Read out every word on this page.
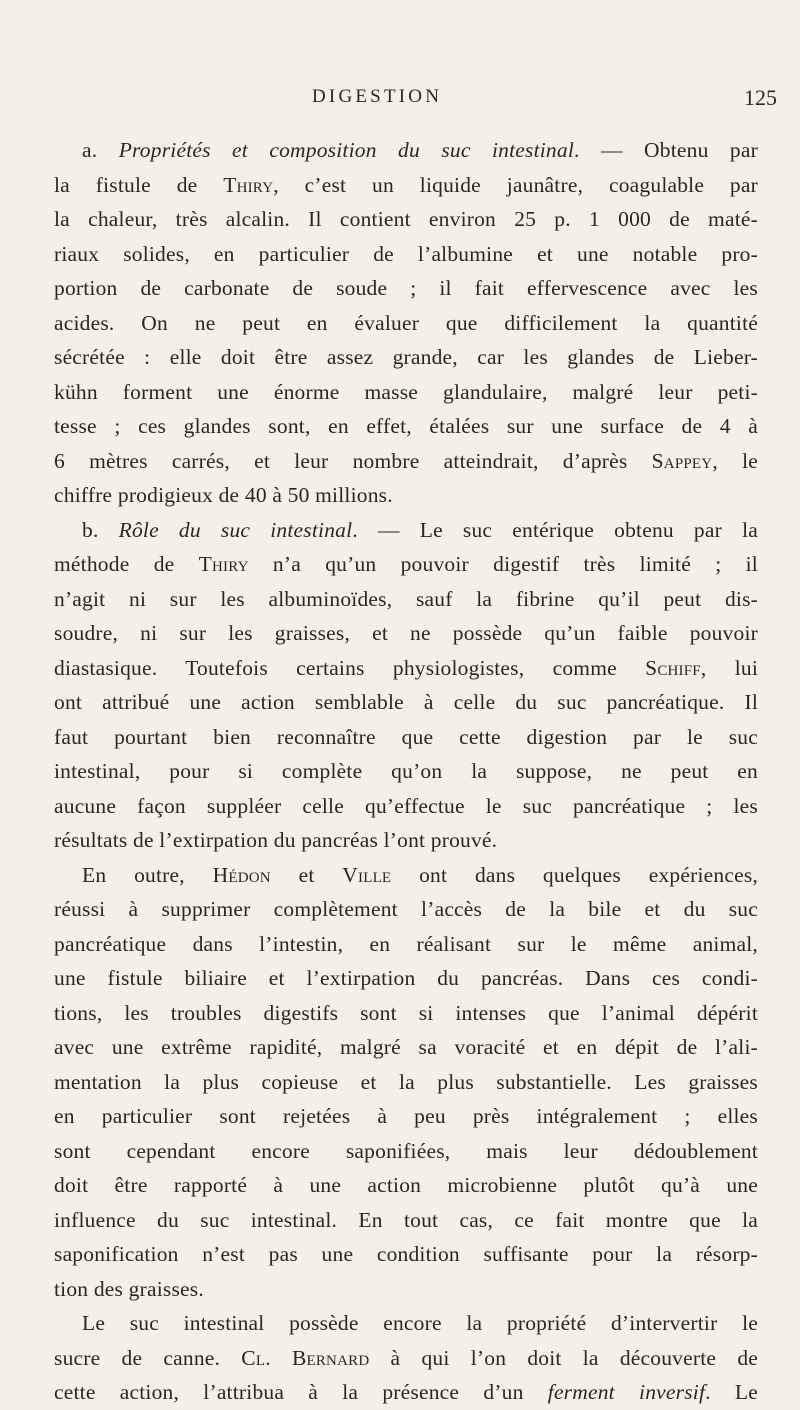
DIGESTION	125
a. Propriétés et composition du suc intestinal. — Obtenu par
la fistule de Thiry, c’est un liquide jaunâtre, coagulable par
la chaleur, très alcalin. Il contient environ 25 p. 1 000 de maté-
riaux solides, en particulier de l’albumine et une notable pro-
portion de carbonate de soude ; il fait effervescence avec les
acides. On ne peut en évaluer que difficilement la quantité
sécrétée : elle doit être assez grande, car les glandes de Lieber-
kühn forment une énorme masse glandulaire, malgré leur peti-
tesse ; ces glandes sont, en effet, étalées sur une surface de 4 à
6 mètres carrés, et leur nombre atteindrait, d’après Sappey, le
chiffre prodigieux de 40 à 50 millions.
b. Rôle du suc intestinal. — Le suc entérique obtenu par la
méthode de Thiry n’a qu’un pouvoir digestif très limité ; il
n’agit ni sur les albuminoïdes, sauf la fibrine qu’il peut dis-
soudre, ni sur les graisses, et ne possède qu’un faible pouvoir
diastasique. Toutefois certains physiologistes, comme Schiff, lui
ont attribué une action semblable à celle du suc pancréatique. Il
faut pourtant bien reconnaître que cette digestion par le suc
intestinal, pour si complète qu’on la suppose, ne peut en
aucune façon suppléer celle qu’effectue le suc pancréatique ; les
résultats de l’extirpation du pancréas l’ont prouvé.
En outre, Hédon et Ville ont dans quelques expériences,
réussi à supprimer complètement l’accès de la bile et du suc
pancréatique dans l’intestin, en réalisant sur le même animal,
une fistule biliaire et l’extirpation du pancréas. Dans ces condi-
tions, les troubles digestifs sont si intenses que l’animal dépérit
avec une extrême rapidité, malgré sa voracité et en dépit de l’ali-
mentation la plus copieuse et la plus substantielle. Les graisses
en particulier sont rejetées à peu près intégralement ; elles
sont cependant encore saponifiées, mais leur dédoublement
doit être rapporté à une action microbienne plutôt qu’à une
influence du suc intestinal. En tout cas, ce fait montre que la
saponification n’est pas une condition suffisante pour la résorp-
tion des graisses.
Le suc intestinal possède encore la propriété d’intervertir le
sucre de canne. Cl. Bernard à qui l’on doit la découverte de
cette action, l’attribua à la présence d’un ferment inversif. Le
